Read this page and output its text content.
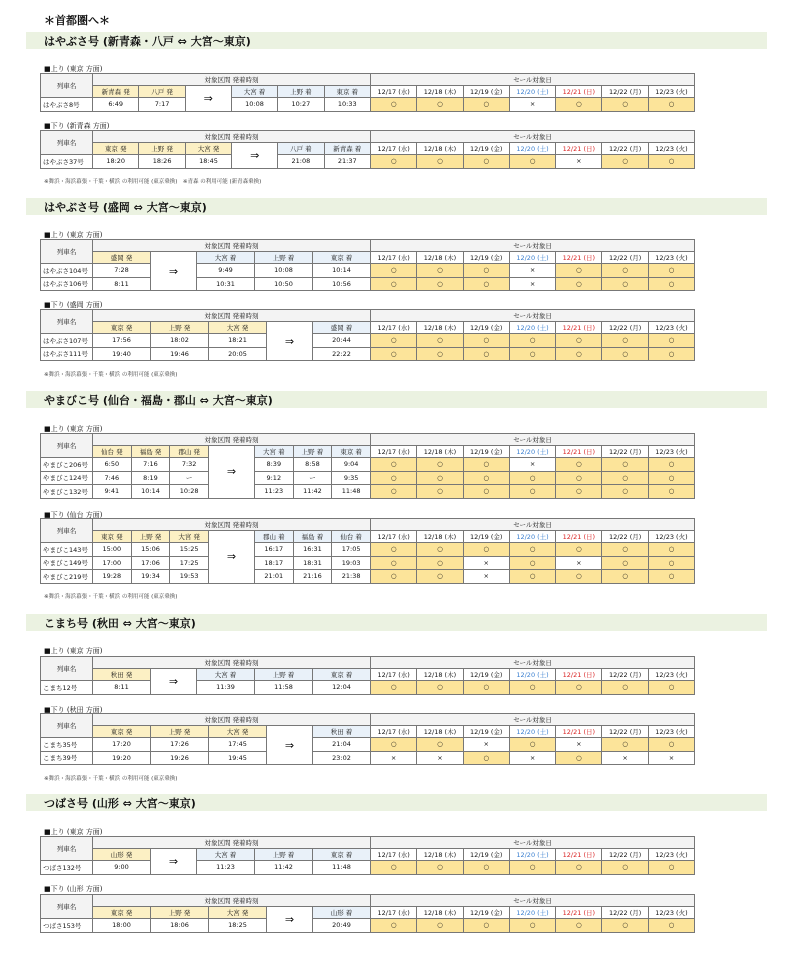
＊首都圏へ＊
はやぶさ号 (新青森・八戸 ⇔ 大宮～東京)
■上り (東京 方面)
列車名	対象区間 発着時刻						セール対象日						
	新青森 発	八戸 発	⇒	大宮 着	上野 着	東京 着	12/17 (水)	12/18 (木)	12/19 (金)	12/20 (土)	12/21 (日)	12/22 (月)	12/23 (火)
はやぶさ8号	6:49	7:17		10:08	10:27	10:33	○	○	○	×	○	○	○
■下り (新青森 方面)
列車名	対象区間 発着時刻						セール対象日						
	東京 発	上野 発	大宮 発	⇒	八戸 着	新青森 着	12/17 (水)	12/18 (木)	12/19 (金)	12/20 (土)	12/21 (日)	12/22 (月)	12/23 (火)
はやぶさ37号	18:20	18:26	18:45		21:08	21:37	○	○	○	○	×	○	○
※舞浜・海浜幕張・千葉・横浜 の利用可能 (東京乗換)　※青森 の利用可能 (新青森乗換)
はやぶさ号 (盛岡 ⇔ 大宮～東京)
■上り (東京 方面)
列車名	対象区間 発着時刻					セール対象日						
	盛岡 発	⇒	大宮 着	上野 着	東京 着	12/17 (水)	12/18 (木)	12/19 (金)	12/20 (土)	12/21 (日)	12/22 (月)	12/23 (火)
はやぶさ104号	7:28		9:49	10:08	10:14	○	○	○	×	○	○	○
はやぶさ106号	8:11		10:31	10:50	10:56	○	○	○	×	○	○	○
■下り (盛岡 方面)
列車名	対象区間 発着時刻					セール対象日						
	東京 発	上野 発	大宮 発	⇒	盛岡 着	12/17 (水)	12/18 (木)	12/19 (金)	12/20 (土)	12/21 (日)	12/22 (月)	12/23 (火)
はやぶさ107号	17:56	18:02	18:21		20:44	○	○	○	○	○	○	○
はやぶさ111号	19:40	19:46	20:05		22:22	○	○	○	○	○	○	○
※舞浜・海浜幕張・千葉・横浜 の利用可能 (東京乗換)
やまびこ号 (仙台・福島・郡山 ⇔ 大宮～東京)
■上り (東京 方面)
列車名	対象区間 発着時刻							セール対象日						
	仙台 発	福島 発	郡山 発	⇒	大宮 着	上野 着	東京 着	12/17 (水)	12/18 (木)	12/19 (金)	12/20 (土)	12/21 (日)	12/22 (月)	12/23 (火)
やまびこ206号	6:50	7:16	7:32		8:39	8:58	9:04	○	○	○	×	○	○	○
やまびこ124号	7:46	8:19	ー		9:12	ー	9:35	○	○	○	○	○	○	○
やまびこ132号	9:41	10:14	10:28		11:23	11:42	11:48	○	○	○	○	○	○	○
■下り (仙台 方面)
列車名	対象区間 発着時刻							セール対象日						
	東京 発	上野 発	大宮 発	⇒	郡山 着	福島 着	仙台 着	12/17 (水)	12/18 (木)	12/19 (金)	12/20 (土)	12/21 (日)	12/22 (月)	12/23 (火)
やまびこ143号	15:00	15:06	15:25		16:17	16:31	17:05	○	○	○	○	○	○	○
やまびこ149号	17:00	17:06	17:25		18:17	18:31	19:03	○	○	×	○	×	○	○
やまびこ219号	19:28	19:34	19:53		21:01	21:16	21:38	○	○	×	○	○	○	○
※舞浜・海浜幕張・千葉・横浜 の利用可能 (東京乗換)
こまち号 (秋田 ⇔ 大宮～東京)
■上り (東京 方面)
列車名	対象区間 発着時刻					セール対象日						
	秋田 発	⇒	大宮 着	上野 着	東京 着	12/17 (水)	12/18 (木)	12/19 (金)	12/20 (土)	12/21 (日)	12/22 (月)	12/23 (火)
こまち12号	8:11		11:39	11:58	12:04	○	○	○	○	○	○	○
■下り (秋田 方面)
列車名	対象区間 発着時刻					セール対象日						
	東京 発	上野 発	大宮 発	⇒	秋田 着	12/17 (水)	12/18 (木)	12/19 (金)	12/20 (土)	12/21 (日)	12/22 (月)	12/23 (火)
こまち35号	17:20	17:26	17:45		21:04	○	○	×	○	×	○	○
こまち39号	19:20	19:26	19:45		23:02	×	×	○	×	○	×	×
※舞浜・海浜幕張・千葉・横浜 の利用可能 (東京乗換)
つばさ号 (山形 ⇔ 大宮～東京)
■上り (東京 方面)
列車名	対象区間 発着時刻					セール対象日						
	山形 発	⇒	大宮 着	上野 着	東京 着	12/17 (水)	12/18 (木)	12/19 (金)	12/20 (土)	12/21 (日)	12/22 (月)	12/23 (火)
つばさ132号	9:00		11:23	11:42	11:48	○	○	○	○	○	○	○
■下り (山形 方面)
列車名	対象区間 発着時刻					セール対象日						
	東京 発	上野 発	大宮 発	⇒	山形 着	12/17 (水)	12/18 (木)	12/19 (金)	12/20 (土)	12/21 (日)	12/22 (月)	12/23 (火)
つばさ153号	18:00	18:06	18:25		20:49	○	○	○	○	○	○	○
